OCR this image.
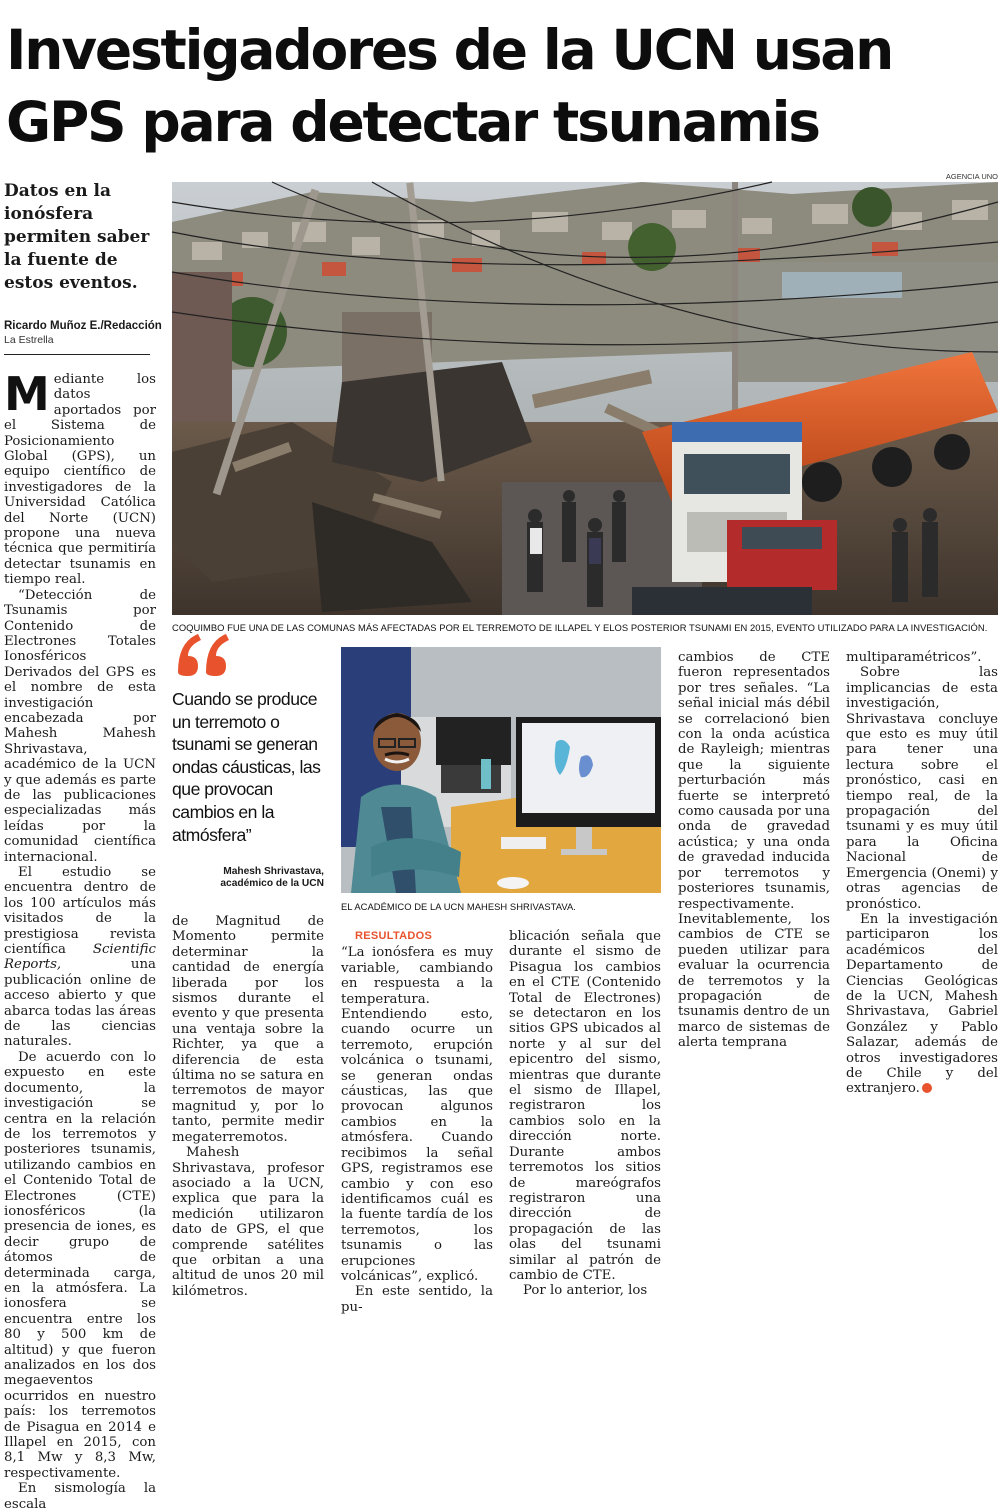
Investigadores de la UCN usan
GPS para detectar tsunamis
Datos en la ionósfera permiten saber la fuente de estos eventos.
Ricardo Muñoz E./Redacción
La Estrella
AGENCIA UNO
COQUIMBO FUE UNA DE LAS COMUNAS MÁS AFECTADAS POR EL TERREMOTO DE ILLAPEL Y ELOS POSTERIOR TSUNAMI EN 2015, EVENTO UTILIZADO PARA LA INVESTIGACIÓN.
Cuando se produce un terremoto o tsunami se generan ondas cáusticas, las que provocan cambios en la atmósfera”
Mahesh Shrivastava, académico de la UCN
EL ACADÉMICO DE LA UCN MAHESH SHRIVASTAVA.

Mediante los datos aportados por el Sistema de Posicionamiento Global (GPS), un equipo científico de investigadores de la Universidad Católica del Norte (UCN) propone una nueva técnica que permitiría detectar tsunamis en tiempo real.

“Detección de Tsunamis por Contenido de Electrones Totales Ionosféricos Derivados del GPS es el nombre de esta investigación encabezada por Mahesh Mahesh Shrivastava, académico de la UCN y que además es parte de las publicaciones especializadas más leídas por la comunidad científica internacional.

El estudio se encuentra dentro de los 100 artículos más visitados de la prestigiosa revista científica Scientific Reports, una publicación online de acceso abierto y que abarca todas las áreas de las ciencias naturales.

De acuerdo con lo expuesto en este documento, la investigación se centra en la relación de los terremotos y posteriores tsunamis, utilizando cambios en el Contenido Total de Electrones (CTE) ionosféricos (la presencia de iones, es decir grupo de átomos de determinada carga, en la atmósfera. La ionosfera se encuentra entre los 80 y 500 km de altitud) y que fueron analizados en los dos megaeventos ocurridos en nuestro país: los terremotos de Pisagua en 2014 e Illapel en 2015, con 8,1 Mw y 8,3 Mw, respectivamente.

En sismología la escala

de Magnitud de Momento permite determinar la cantidad de energía liberada por los sismos durante el evento y que presenta una ventaja sobre la Richter, ya que a diferencia de esta última no se satura en terremotos de mayor magnitud y, por lo tanto, permite medir megaterremotos.

Mahesh Shrivastava, profesor asociado a la UCN, explica que para la medición utilizaron dato de GPS, el que comprende satélites que orbitan a una altitud de unos 20 mil kilómetros.

RESULTADOS

“La ionósfera es muy variable, cambiando en respuesta a la temperatura. Entendiendo esto, cuando ocurre un terremoto, erupción volcánica o tsunami, se generan ondas cáusticas, las que provocan algunos cambios en la atmósfera. Cuando recibimos la señal GPS, registramos ese cambio y con eso identificamos cuál es la fuente tardía de los terremotos, los tsunamis o las erupciones volcánicas”, explicó.

En este sentido, la pu-

blicación señala que durante el sismo de Pisagua los cambios en el CTE (Contenido Total de Electrones) se detectaron en los sitios GPS ubicados al norte y al sur del epicentro del sismo, mientras que durante el sismo de Illapel, registraron los cambios solo en la dirección norte. Durante ambos terremotos los sitios de mareógrafos registraron una dirección de propagación de las olas del tsunami similar al patrón de cambio de CTE.

Por lo anterior, los

cambios de CTE fueron representados por tres señales. “La señal inicial más débil se correlacionó bien con la onda acústica de Rayleigh; mientras que la siguiente perturbación más fuerte se interpretó como causada por una onda de gravedad acústica; y una onda de gravedad inducida por terremotos y posteriores tsunamis, respectivamente. Inevitablemente, los cambios de CTE se pueden utilizar para evaluar la ocurrencia de terremotos y la propagación de tsunamis dentro de un marco de sistemas de alerta temprana

multiparamétricos”.

Sobre las implicancias de esta investigación, Shrivastava concluye que esto es muy útil para tener una lectura sobre el pronóstico, casi en tiempo real, de la propagación del tsunami y es muy útil para la Oficina Nacional de Emergencia (Onemi) y otras agencias de pronóstico.

En la investigación participaron los académicos del Departamento de Ciencias Geológicas de la UCN, Mahesh Shrivastava, Gabriel González y Pablo Salazar, además de otros investigadores de Chile y del extranjero.
